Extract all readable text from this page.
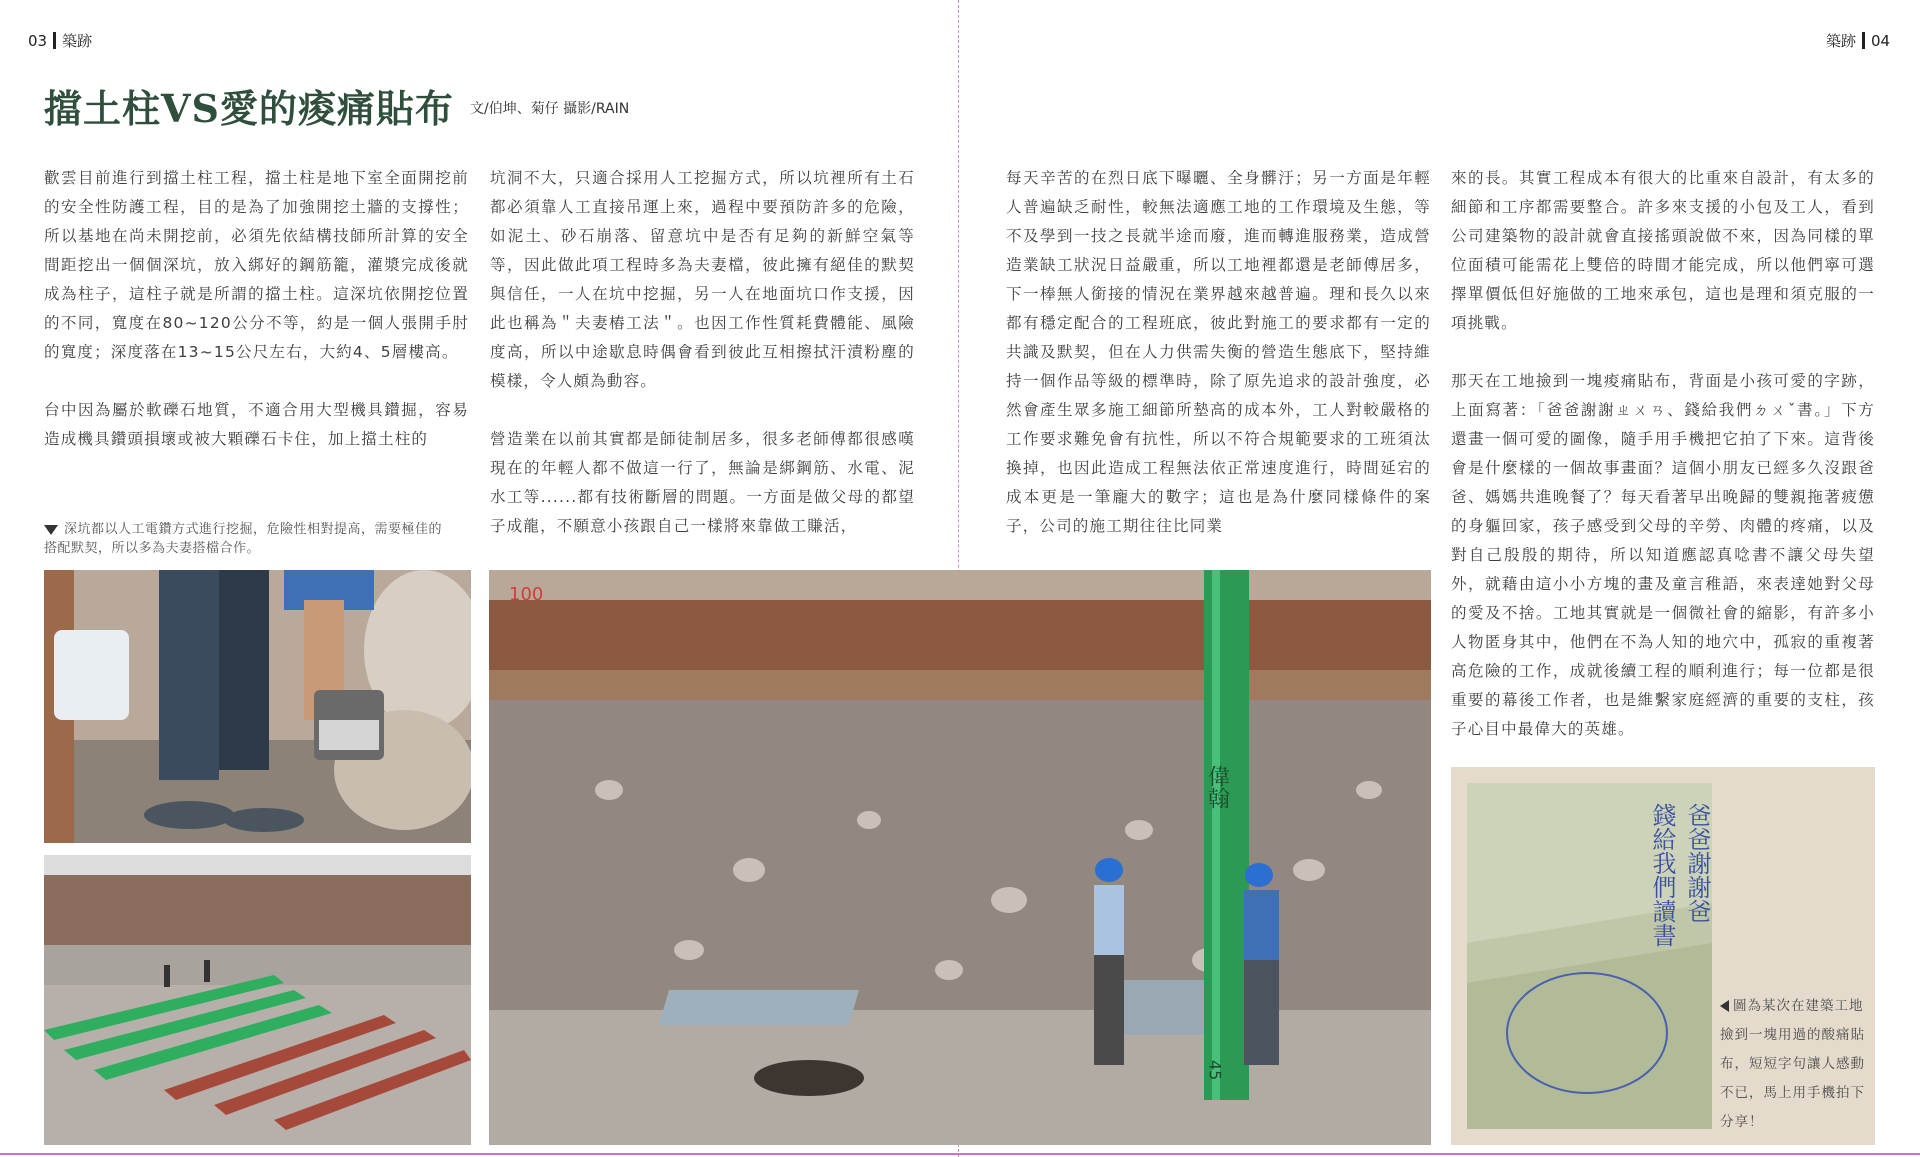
03 築跡	築跡 04
擋土柱VS愛的痠痛貼布 文/伯坤、菊仔 攝影/RAIN

歡雲目前進行到擋土柱工程，擋土柱是地下室全面開挖前的安全性防護工程，目的是為了加強開挖土牆的支撐性；所以基地在尚未開挖前，必須先依結構技師所計算的安全間距挖出一個個深坑，放入綁好的鋼筋籠，灌漿完成後就成為柱子，這柱子就是所謂的擋土柱。這深坑依開挖位置的不同，寬度在80~120公分不等，約是一個人張開手肘的寬度；深度落在13~15公尺左右，大約4、5層樓高。

台中因為屬於軟礫石地質，不適合用大型機具鑽掘，容易造成機具鑽頭損壞或被大顆礫石卡住，加上擋土柱的

坑洞不大，只適合採用人工挖掘方式，所以坑裡所有土石都必須靠人工直接吊運上來，過程中要預防許多的危險，如泥土、砂石崩落、留意坑中是否有足夠的新鮮空氣等等，因此做此項工程時多為夫妻檔，彼此擁有絕佳的默契與信任，一人在坑中挖掘，另一人在地面坑口作支援，因此也稱為＂夫妻樁工法＂。也因工作性質耗費體能、風險度高，所以中途歇息時偶會看到彼此互相擦拭汗漬粉塵的模樣，令人頗為動容。

營造業在以前其實都是師徒制居多，很多老師傅都很感嘆現在的年輕人都不做這一行了，無論是綁鋼筋、水電、泥水工等......都有技術斷層的問題。一方面是做父母的都望子成龍，不願意小孩跟自己一樣將來靠做工賺活，

每天辛苦的在烈日底下曝曬、全身髒汙；另一方面是年輕人普遍缺乏耐性，較無法適應工地的工作環境及生態，等不及學到一技之長就半途而廢，進而轉進服務業，造成營造業缺工狀況日益嚴重，所以工地裡都還是老師傅居多，下一棒無人銜接的情況在業界越來越普遍。理和長久以來都有穩定配合的工程班底，彼此對施工的要求都有一定的共識及默契，但在人力供需失衡的營造生態底下，堅持維持一個作品等級的標準時，除了原先追求的設計強度，必然會產生眾多施工細節所墊高的成本外，工人對較嚴格的工作要求難免會有抗性，所以不符合規範要求的工班須汰換掉，也因此造成工程無法依正常速度進行，時間延宕的成本更是一筆龐大的數字；這也是為什麼同樣條件的案子，公司的施工期往往比同業

來的長。其實工程成本有很大的比重來自設計，有太多的細節和工序都需要整合。許多來支援的小包及工人，看到公司建築物的設計就會直接搖頭說做不來，因為同樣的單位面積可能需花上雙倍的時間才能完成，所以他們寧可選擇單價低但好施做的工地來承包，這也是理和須克服的一項挑戰。

那天在工地撿到一塊痠痛貼布，背面是小孩可愛的字跡，上面寫著：「爸爸謝謝ㄓㄨㄢ、錢給我們ㄉㄨˇ書。」下方還畫一個可愛的圖像，隨手用手機把它拍了下來。這背後會是什麼樣的一個故事畫面？這個小朋友已經多久沒跟爸爸、媽媽共進晚餐了？每天看著早出晚歸的雙親拖著疲憊的身軀回家，孩子感受到父母的辛勞、肉體的疼痛，以及對自己殷殷的期待，所以知道應認真唸書不讓父母失望外，就藉由這小小方塊的畫及童言稚語，來表達她對父母的愛及不捨。工地其實就是一個微社會的縮影，有許多小人物匿身其中，他們在不為人知的地穴中，孤寂的重複著高危險的工作，成就後續工程的順利進行；每一位都是很重要的幕後工作者，也是維繫家庭經濟的重要的支柱，孩子心目中最偉大的英雄。

深坑都以人工電鑽方式進行挖掘，危險性相對提高，需要極佳的搭配默契，所以多為夫妻搭檔合作。
100
偉翰
45
爸爸謝謝爸
錢給我們讀書
圖為某次在建築工地撿到一塊用過的酸痛貼布，短短字句讓人感動不已，馬上用手機拍下分享！
